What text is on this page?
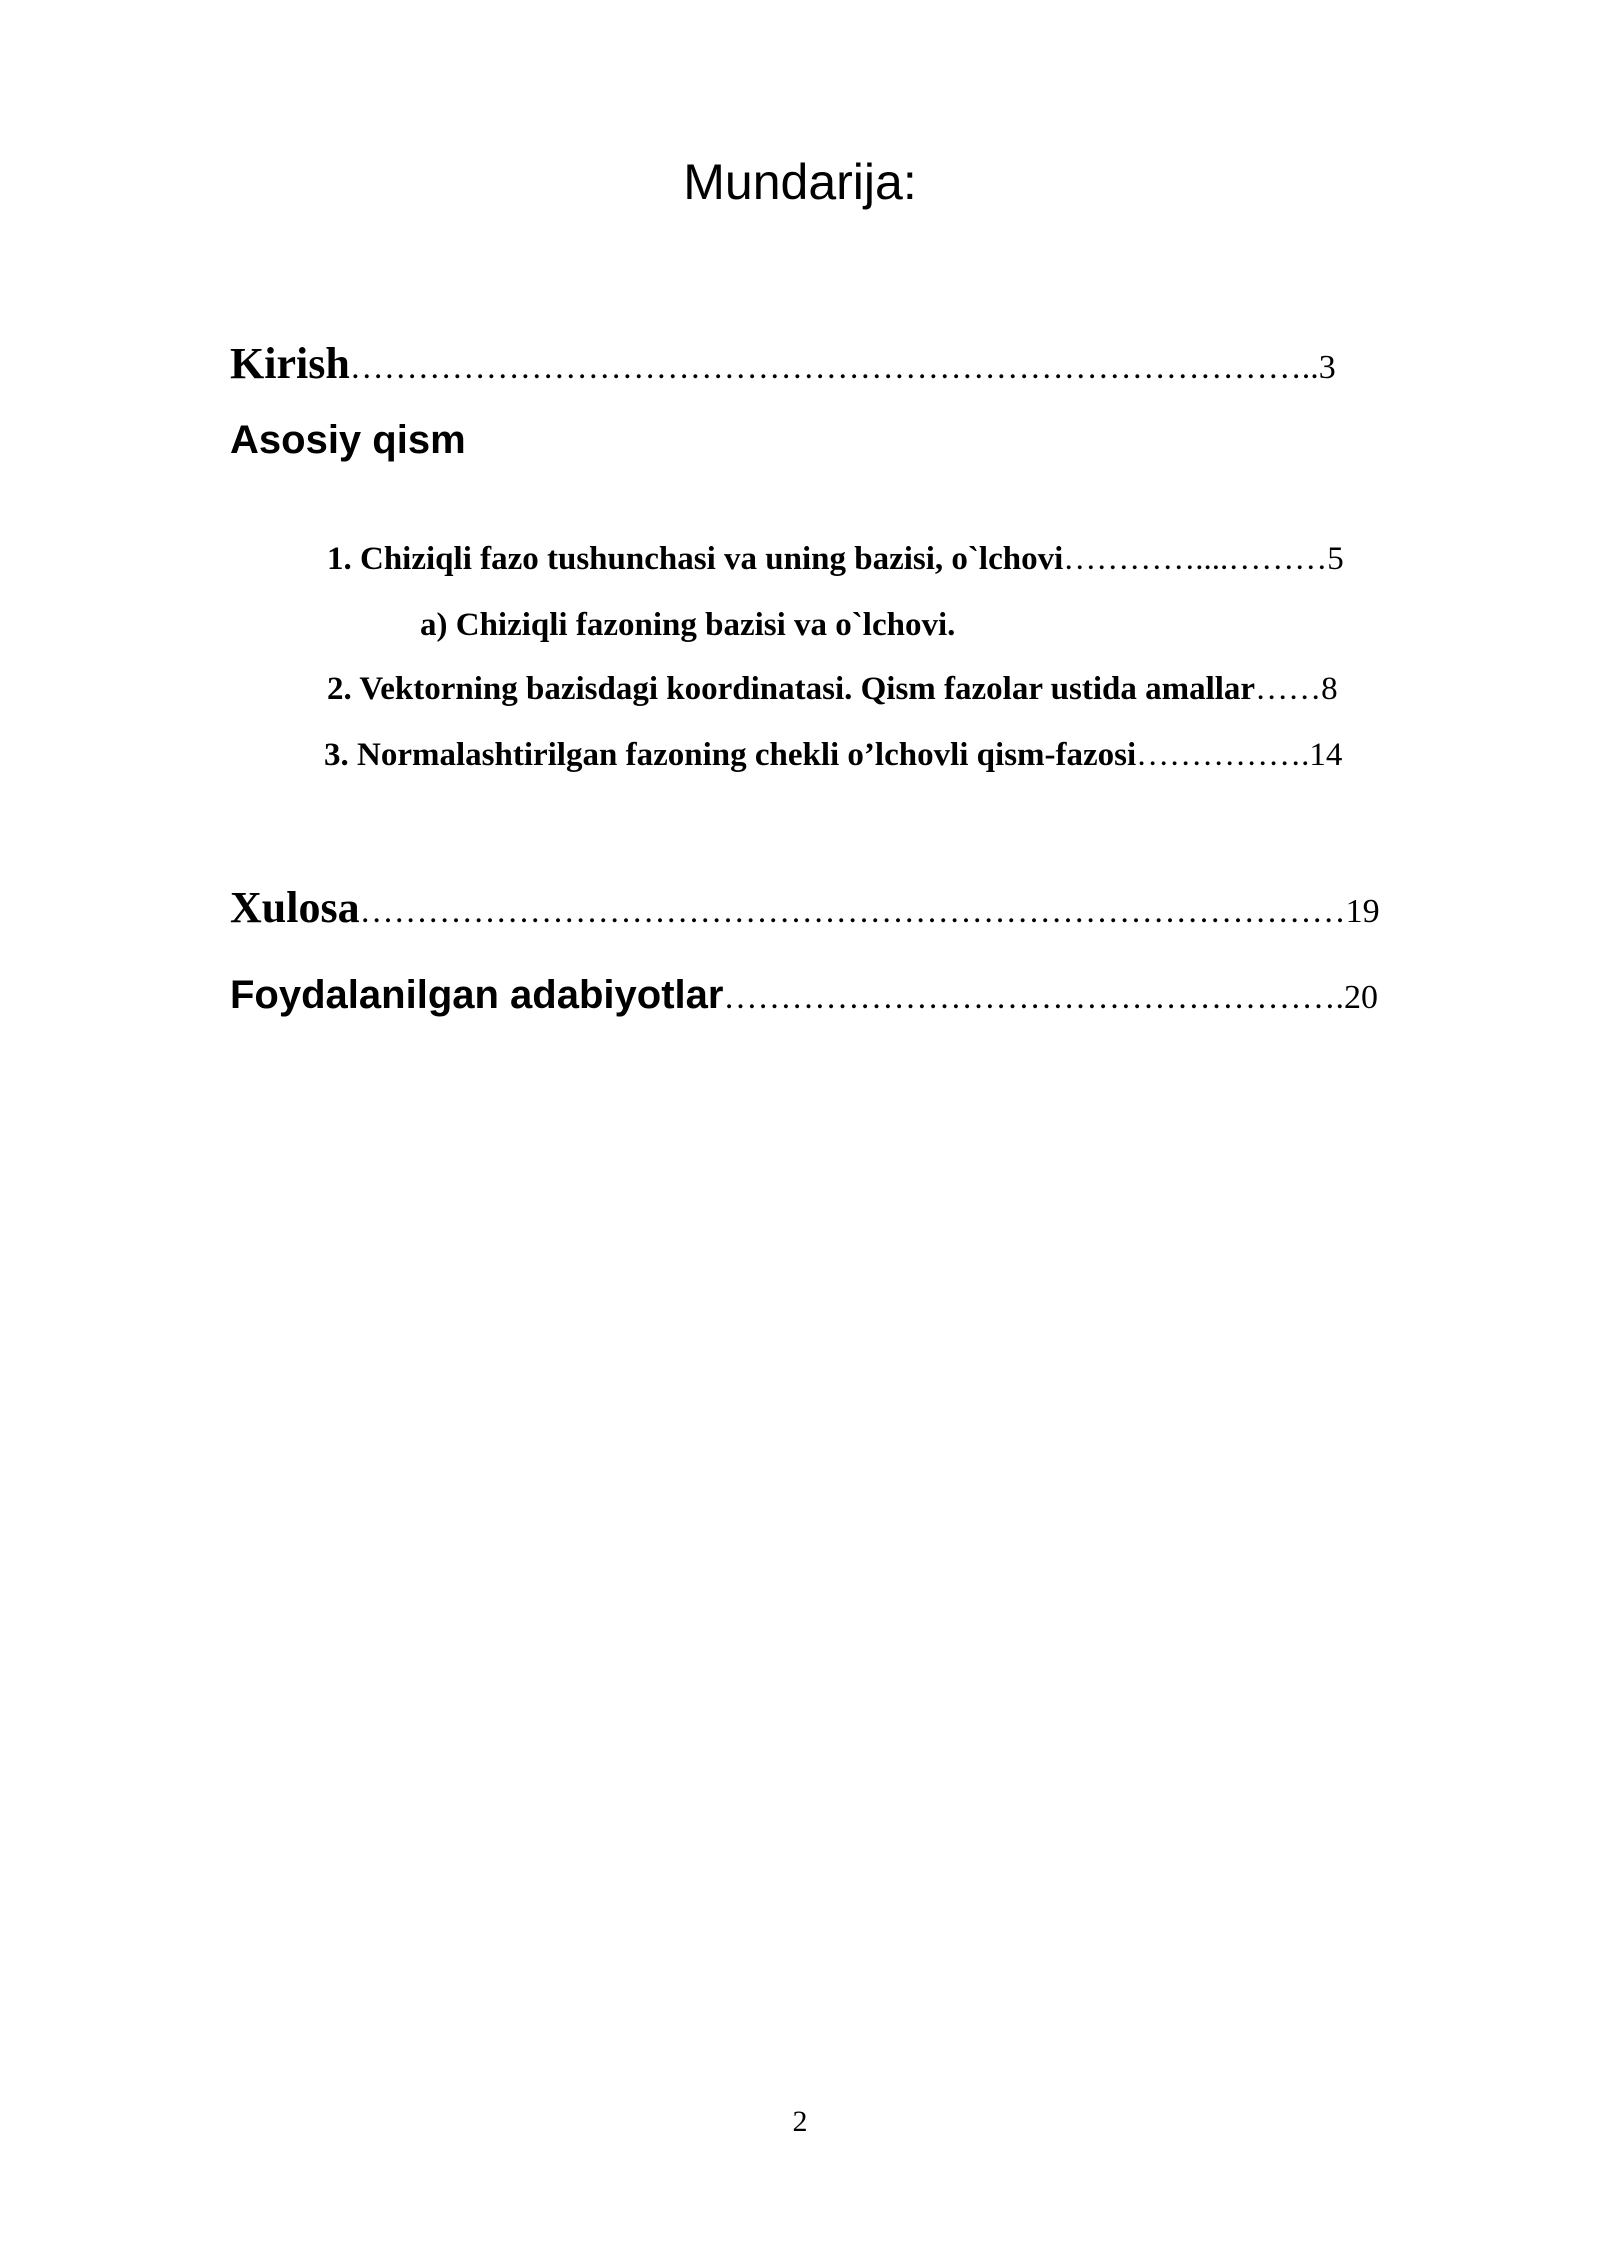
Mundarija:
Kirish…………………………………………………………………………..3
Asosiy qism
1. Chiziqli fazo tushunchasi va uning bazisi, o`lchovi…………....………5
a) Chiziqli fazoning bazisi va o`lchovi.
2. Vektorning bazisdagi koordinatasi. Qism fazolar ustida amallar……8
3. Normalashtirilgan fazoning chekli o’lchovli qism-fazosi…………….14
Xulosa……………………………………………………………………………19
Foydalanilgan adabiyotlar……………………………………………….20
2
